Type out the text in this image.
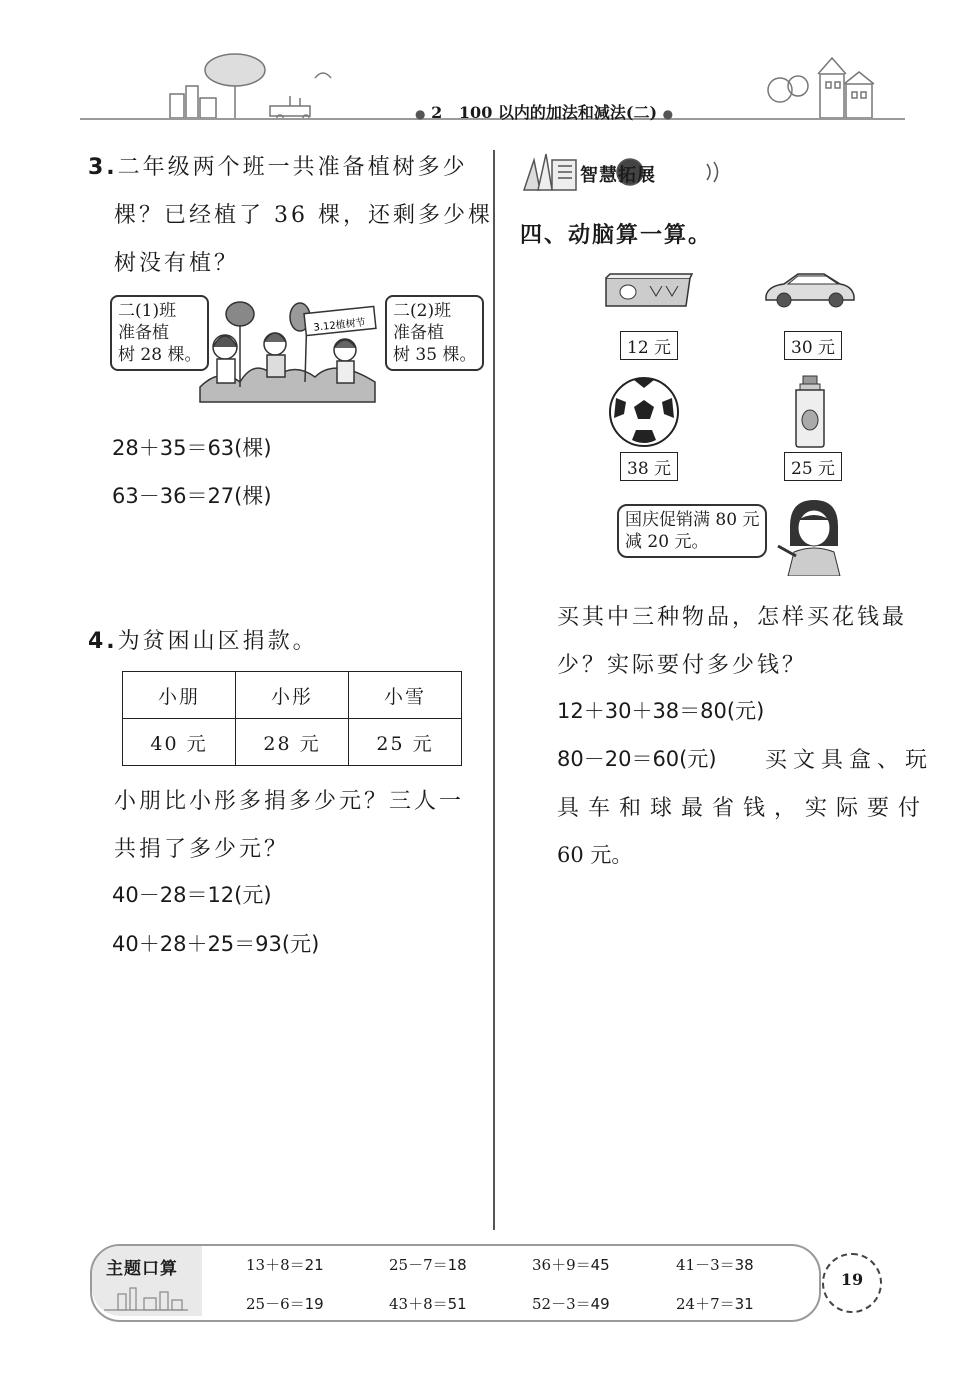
● 2 100 以内的加法和减法(二) ●
3.二年级两个班一共准备植树多少
棵？已经植了 36 棵，还剩多少棵
树没有植？
二(1)班
准备植
树 28 棵。
3.12植树节
二(2)班
准备植
树 35 棵。
28＋35＝63(棵)
63－36＝27(棵)
4.为贫困山区捐款。
小朋	小彤	小雪
40 元	28 元	25 元
小朋比小彤多捐多少元？三人一
共捐了多少元？
40－28＝12(元)
40＋28＋25＝93(元)
智慧拓展
四、动脑算一算。
12 元	30 元
38 元	25 元
国庆促销满 80 元
减 20 元。
买其中三种物品，怎样买花钱最
少？实际要付多少钱？
12＋30＋38＝80(元)
80－20＝60(元) 买文具盒、玩
具车和球最省钱，实际要付
60 元。
主题口算	13＋8＝21	25－7＝18	36＋9＝45	41－3＝38
25－6＝19	43＋8＝51	52－3＝49	24＋7＝31
19
